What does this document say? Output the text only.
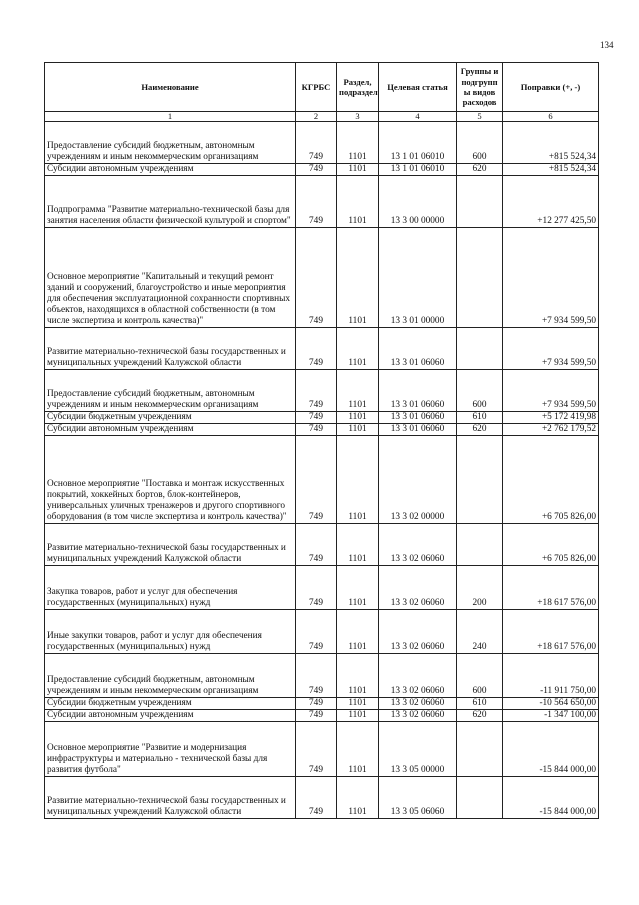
134
Наименование	КГРБС	Раздел, подраздел	Целевая статья	Группы и подгрупп ы видов расходов	Поправки (+, -)
1	2	3	4	5	6
Предоставление субсидий бюджетным, автономным учреждениям и иным некоммерческим организациям	749	1101	13 1 01 06010	600	+815 524,34
Субсидии автономным учреждениям	749	1101	13 1 01 06010	620	+815 524,34
Подпрограмма "Развитие материально-технической базы для занятия населения области физической культурой и спортом"	749	1101	13 3 00 00000		+12 277 425,50
Основное мероприятие "Капитальный и текущий ремонт зданий и сооружений, благоустройство и иные мероприятия для обеспечения эксплуатационной сохранности спортивных объектов, находящихся в областной собственности (в том числе экспертиза и контроль качества)"	749	1101	13 3 01 00000		+7 934 599,50
Развитие материально-технической базы государственных и муниципальных учреждений Калужской области	749	1101	13 3 01 06060		+7 934 599,50
Предоставление субсидий бюджетным, автономным учреждениям и иным некоммерческим организациям	749	1101	13 3 01 06060	600	+7 934 599,50
Субсидии бюджетным учреждениям	749	1101	13 3 01 06060	610	+5 172 419,98
Субсидии автономным учреждениям	749	1101	13 3 01 06060	620	+2 762 179,52
Основное мероприятие "Поставка и монтаж искусственных покрытий, хоккейных бортов, блок-контейнеров, универсальных уличных тренажеров и другого спортивного оборудования (в том числе экспертиза и контроль качества)"	749	1101	13 3 02 00000		+6 705 826,00
Развитие материально-технической базы государственных и муниципальных учреждений Калужской области	749	1101	13 3 02 06060		+6 705 826,00
Закупка товаров, работ и услуг для обеспечения государственных (муниципальных) нужд	749	1101	13 3 02 06060	200	+18 617 576,00
Иные закупки товаров, работ и услуг для обеспечения государственных (муниципальных) нужд	749	1101	13 3 02 06060	240	+18 617 576,00
Предоставление субсидий бюджетным, автономным учреждениям и иным некоммерческим организациям	749	1101	13 3 02 06060	600	-11 911 750,00
Субсидии бюджетным учреждениям	749	1101	13 3 02 06060	610	-10 564 650,00
Субсидии автономным учреждениям	749	1101	13 3 02 06060	620	-1 347 100,00
Основное мероприятие "Развитие и модернизация инфраструктуры и материально - технической базы для развития футбола"	749	1101	13 3 05 00000		-15 844 000,00
Развитие материально-технической базы государственных и муниципальных учреждений Калужской области	749	1101	13 3 05 06060		-15 844 000,00
